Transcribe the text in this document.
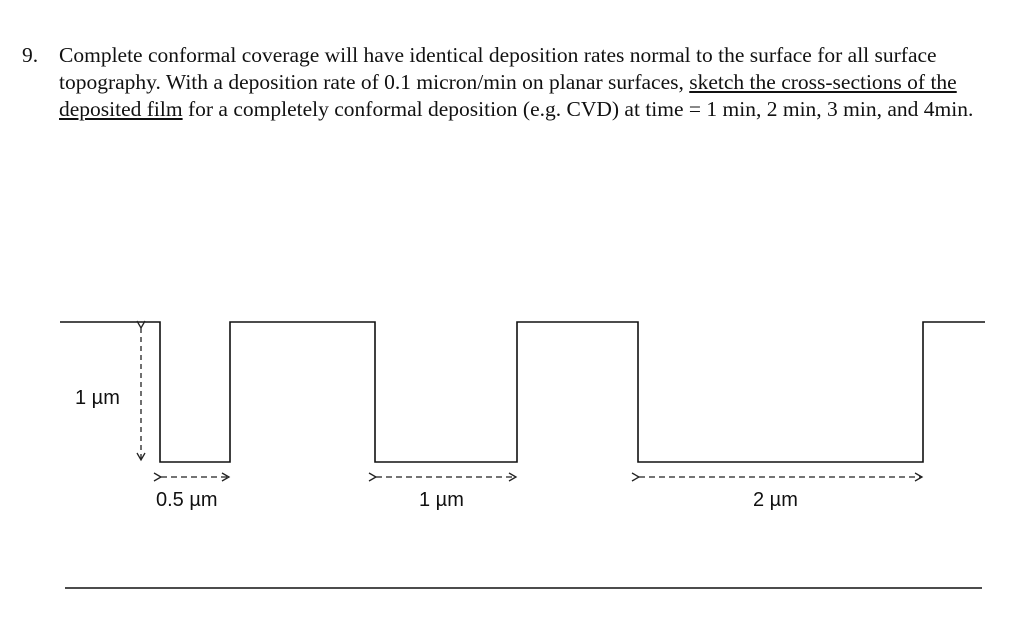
9. Complete conformal coverage will have identical deposition rates normal to the surface for all surface topography. With a deposition rate of 0.1 micron/min on planar surfaces, sketch the cross-sections of the deposited film for a completely conformal deposition (e.g. CVD) at time = 1 min, 2 min, 3 min, and 4min.
1 µm
0.5 µm	1 µm	2 µm
